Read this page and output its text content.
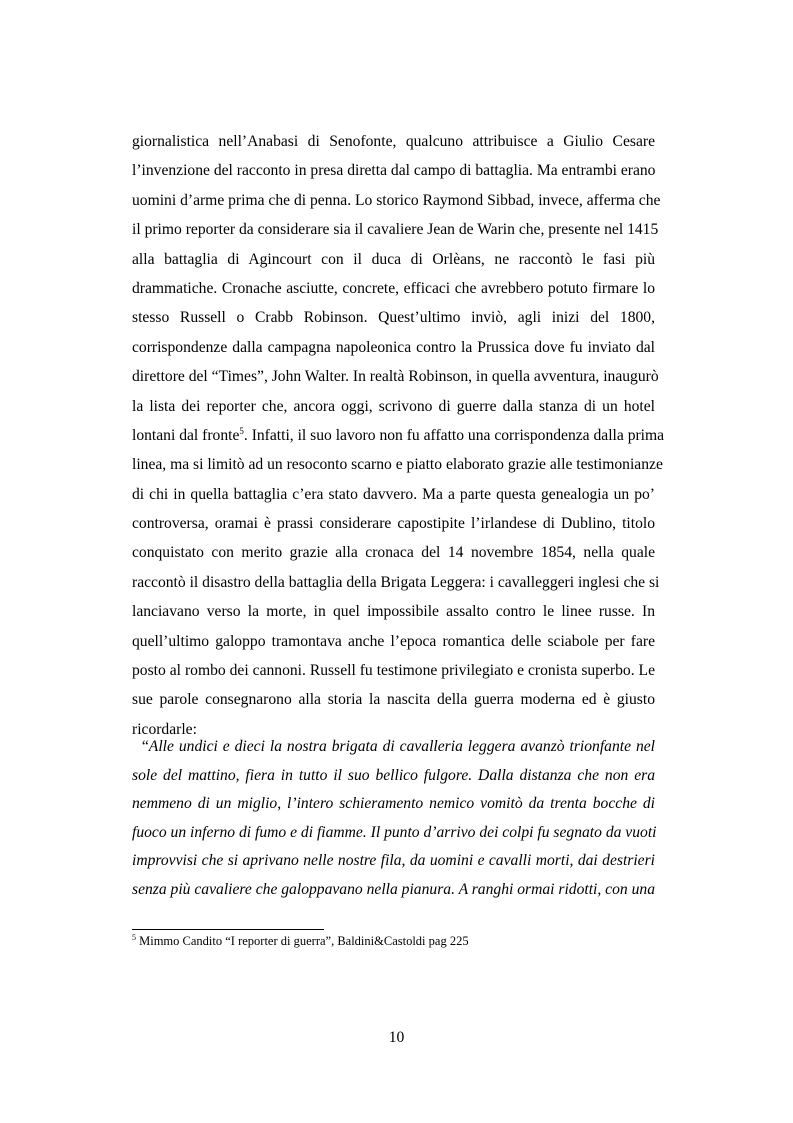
giornalistica nell’Anabasi di Senofonte, qualcuno attribuisce a Giulio Cesare
l’invenzione del racconto in presa diretta dal campo di battaglia. Ma entrambi erano
uomini d’arme prima che di penna. Lo storico Raymond Sibbad, invece, afferma che
il primo reporter da considerare sia il cavaliere Jean de Warin che, presente nel 1415
alla battaglia di Agincourt con il duca di Orlèans, ne raccontò le fasi più
drammatiche. Cronache asciutte, concrete, efficaci che avrebbero potuto firmare lo
stesso Russell o Crabb Robinson. Quest’ultimo inviò, agli inizi del 1800,
corrispondenze dalla campagna napoleonica contro la Prussica dove fu inviato dal
direttore del “Times”, John Walter. In realtà Robinson, in quella avventura, inaugurò
la lista dei reporter che, ancora oggi, scrivono di guerre dalla stanza di un hotel
lontani dal fronte$^5$. Infatti, il suo lavoro non fu affatto una corrispondenza dalla prima
linea, ma si limitò ad un resoconto scarno e piatto elaborato grazie alle testimonianze
di chi in quella battaglia c’era stato davvero. Ma a parte questa genealogia un po’
controversa, oramai è prassi considerare capostipite l’irlandese di Dublino, titolo
conquistato con merito grazie alla cronaca del 14 novembre 1854, nella quale
raccontò il disastro della battaglia della Brigata Leggera: i cavalleggeri inglesi che si
lanciavano verso la morte, in quel impossibile assalto contro le linee russe. In
quell’ultimo galoppo tramontava anche l’epoca romantica delle sciabole per fare
posto al rombo dei cannoni. Russell fu testimone privilegiato e cronista superbo. Le
sue parole consegnarono alla storia la nascita della guerra moderna ed è giusto
ricordarle:
“Alle undici e dieci la nostra brigata di cavalleria leggera avanzò trionfante nel
sole del mattino, fiera in tutto il suo bellico fulgore. Dalla distanza che non era
nemmeno di un miglio, l’intero schieramento nemico vomitò da trenta bocche di
fuoco un inferno di fumo e di fiamme. Il punto d’arrivo dei colpi fu segnato da vuoti
improvvisi che si aprivano nelle nostre fila, da uomini e cavalli morti, dai destrieri
senza più cavaliere che galoppavano nella pianura. A ranghi ormai ridotti, con una
$^5$ Mimmo Candito “I reporter di guerra”, Baldini&Castoldi pag 225
10
